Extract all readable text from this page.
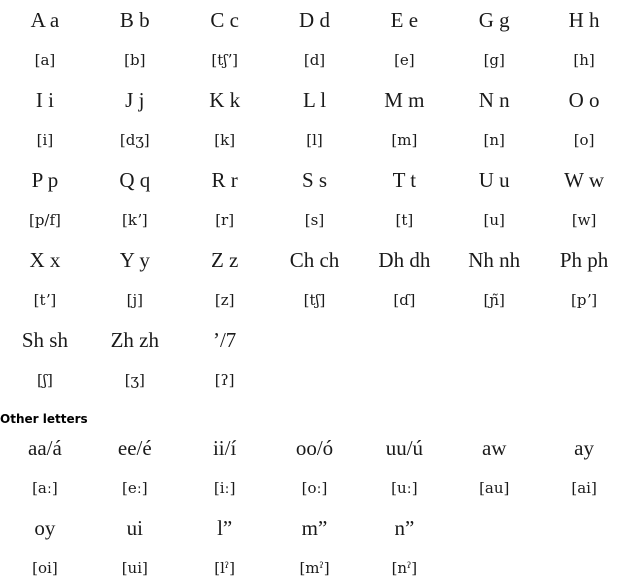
A a	B b	C c	D d	E e	G g	H h
[a]	[b]	[tʃʼ]	[d]	[e]	[g]	[h]
I i	J j	K k	L l	M m	N n	O o
[i]	[dʒ]	[k]	[l]	[m]	[n]	[o]
P p	Q q	R r	S s	T t	U u	W w
[p/f]	[kʼ]	[r]	[s]	[t]	[u]	[w]
X x	Y y	Z z	Ch ch	Dh dh	Nh nh	Ph ph
[tʼ]	[j]	[z]	[tʃ]	[ɗ]	[ɲ̃]	[pʼ]
Sh sh	Zh zh	’/7
[ʃ]	[ʒ]	[ʔ]
Other letters
aa/á	ee/é	ii/í	oo/ó	uu/ú	aw	ay
[aː]	[eː]	[iː]	[oː]	[uː]	[au]	[ai]
oy	ui	l”	m”	n”
[oi]	[ui]	[lˀ]	[mˀ]	[nˀ]
